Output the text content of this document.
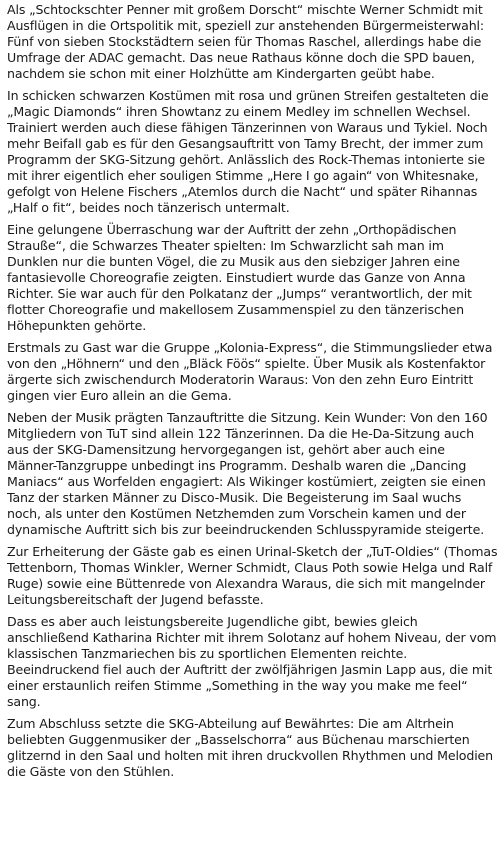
Als „Schtockschter Penner mit großem Dorscht“ mischte Werner Schmidt mit Ausflügen in die Ortspolitik mit, speziell zur anstehenden Bürgermeisterwahl: Fünf von sieben Stockstädtern seien für Thomas Raschel, allerdings habe die Umfrage der ADAC gemacht. Das neue Rathaus könne doch die SPD bauen, nachdem sie schon mit einer Holzhütte am Kindergarten geübt habe.

In schicken schwarzen Kostümen mit rosa und grünen Streifen gestalteten die „Magic Diamonds“ ihren Showtanz zu einem Medley im schnellen Wechsel. Trainiert werden auch diese fähigen Tänzerinnen von Waraus und Tykiel. Noch mehr Beifall gab es für den Gesangsauftritt von Tamy Brecht, der immer zum Programm der SKG-Sitzung gehört. Anlässlich des Rock-Themas intonierte sie mit ihrer eigentlich eher souligen Stimme „Here I go again“ von Whitesnake, gefolgt von Helene Fischers „Atemlos durch die Nacht“ und später Rihannas „Half o fit“, beides noch tänzerisch untermalt.

Eine gelungene Überraschung war der Auftritt der zehn „Orthopädischen Strauße“, die Schwarzes Theater spielten: Im Schwarzlicht sah man im Dunklen nur die bunten Vögel, die zu Musik aus den siebziger Jahren eine fantasievolle Choreografie zeigten. Einstudiert wurde das Ganze von Anna Richter. Sie war auch für den Polkatanz der „Jumps“ verantwortlich, der mit flotter Choreografie und makellosem Zusammenspiel zu den tänzerischen Höhepunkten gehörte.

Erstmals zu Gast war die Gruppe „Kolonia-Express“, die Stimmungslieder etwa von den „Höhnern“ und den „Bläck Föös“ spielte. Über Musik als Kostenfaktor ärgerte sich zwischendurch Moderatorin Waraus: Von den zehn Euro Eintritt gingen vier Euro allein an die Gema.

Neben der Musik prägten Tanzauftritte die Sitzung. Kein Wunder: Von den 160 Mitgliedern von TuT sind allein 122 Tänzerinnen. Da die He-Da-Sitzung auch aus der SKG-Damensitzung hervorgegangen ist, gehört aber auch eine Männer-Tanzgruppe unbedingt ins Programm. Deshalb waren die „Dancing Maniacs“ aus Worfelden engagiert: Als Wikinger kostümiert, zeigten sie einen Tanz der starken Männer zu Disco-Musik. Die Begeisterung im Saal wuchs noch, als unter den Kostümen Netzhemden zum Vorschein kamen und der dynamische Auftritt sich bis zur beeindruckenden Schlusspyramide steigerte.

Zur Erheiterung der Gäste gab es einen Urinal-Sketch der „TuT-Oldies“ (Thomas Tettenborn, Thomas Winkler, Werner Schmidt, Claus Poth sowie Helga und Ralf Ruge) sowie eine Büttenrede von Alexandra Waraus, die sich mit mangelnder Leitungsbereitschaft der Jugend befasste.

Dass es aber auch leistungsbereite Jugendliche gibt, bewies gleich anschließend Katharina Richter mit ihrem Solotanz auf hohem Niveau, der vom klassischen Tanzmariechen bis zu sportlichen Elementen reichte. Beeindruckend fiel auch der Auftritt der zwölfjährigen Jasmin Lapp aus, die mit einer erstaunlich reifen Stimme „Something in the way you make me feel“ sang.

Zum Abschluss setzte die SKG-Abteilung auf Bewährtes: Die am Altrhein beliebten Guggenmusiker der „Basselschorra“ aus Büchenau marschierten glitzernd in den Saal und holten mit ihren druckvollen Rhythmen und Melodien die Gäste von den Stühlen.
